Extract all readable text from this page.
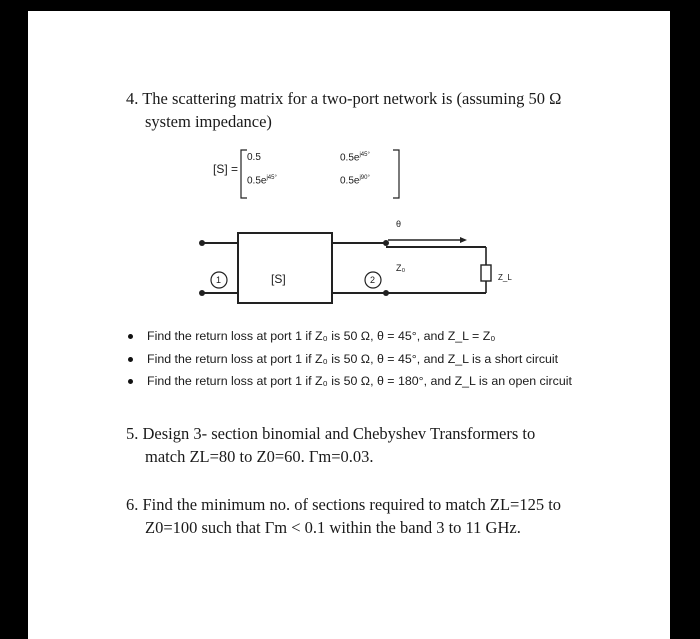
4. The scattering matrix for a two-port network is (assuming 50 Ω
system impedance)
[S] =
0.5	$0.5e^{j45^\circ}$
$0.5e^{j45^\circ}$	$0.5e^{j90^\circ}$
1	2
[S]
θ
Z₀
Z_L
Find the return loss at port 1 if Z₀ is 50 Ω, θ = 45°, and Z_L = Z₀
Find the return loss at port 1 if Z₀ is 50 Ω, θ = 45°, and Z_L is a short circuit
Find the return loss at port 1 if Z₀ is 50 Ω, θ = 180°, and Z_L is an open circuit
5. Design 3- section binomial and Chebyshev Transformers to
match ZL=80 to Z0=60. Γm=0.03.
6. Find the minimum no. of sections required to match ZL=125 to
Z0=100 such that Γm < 0.1 within the band 3 to 11 GHz.
